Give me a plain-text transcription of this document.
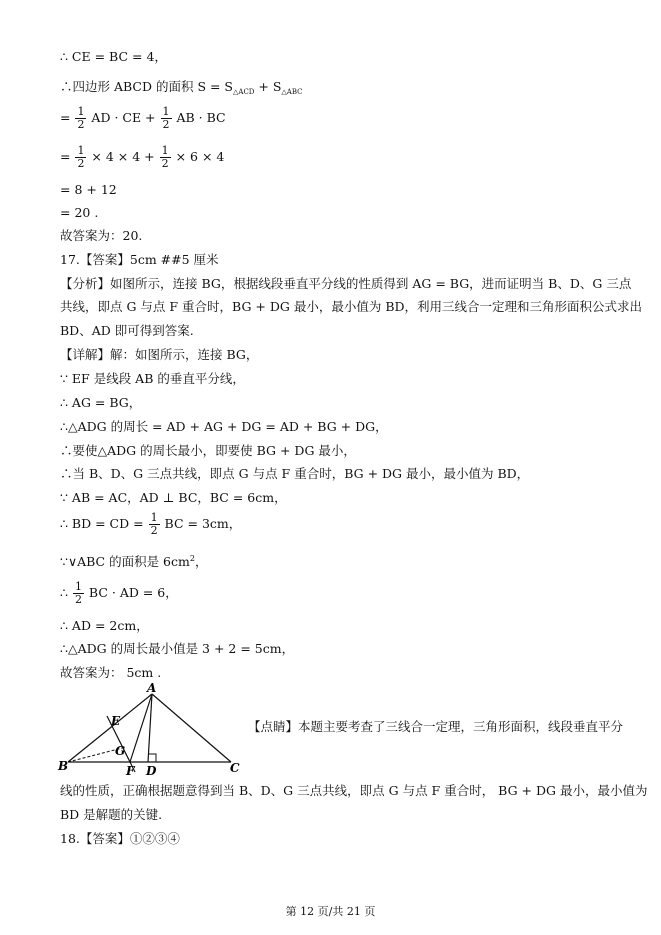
∴ CE = BC = 4，
∴四边形 ABCD 的面积 $S = S_{\triangle ACD} + S_{\triangle ABC}$
= $\frac{1}{2}$ AD · CE + $\frac{1}{2}$ AB · BC
= $\frac{1}{2} \times 4 \times 4 + \frac{1}{2} \times 6 \times 4$
= 8 + 12
= 20 .
故答案为：20.
17.【答案】5cm ##5 厘米
【分析】如图所示，连接 BG，根据线段垂直平分线的性质得到 AG = BG，进而证明当 B、D、G 三点
共线，即点 G 与点 F 重合时，BG + DG 最小，最小值为 BD，利用三线合一定理和三角形面积公式求出
BD、AD 即可得到答案.
【详解】解：如图所示，连接 BG，
∵ EF 是线段 AB 的垂直平分线，
∴ AG = BG，
∴△ADG 的周长 = AD + AG + DG = AD + BG + DG，
∴要使△ADG 的周长最小，即要使 BG + DG 最小，
∴当 B、D、G 三点共线，即点 G 与点 F 重合时，BG + DG 最小，最小值为 BD，
∵ AB = AC，AD ⊥ BC，BC = 6cm，
∴ BD = CD = $\frac{1}{2}$ BC = 3cm，
∵∨ABC 的面积是 $6cm^2$，
∴ $\frac{1}{2}$ BC · AD = 6，
∴ AD = 2cm，
∴△ADG 的周长最小值是 3 + 2 = 5cm，
故答案为： 5cm .
A
B	C
D
E
F
G
【点睛】本题主要考查了三线合一定理，三角形面积，线段垂直平分
线的性质，正确根据题意得到当 B、D、G 三点共线，即点 G 与点 F 重合时， BG + DG 最小，最小值为
BD 是解题的关键.
18.【答案】①②③④
第 12 页/共 21 页
